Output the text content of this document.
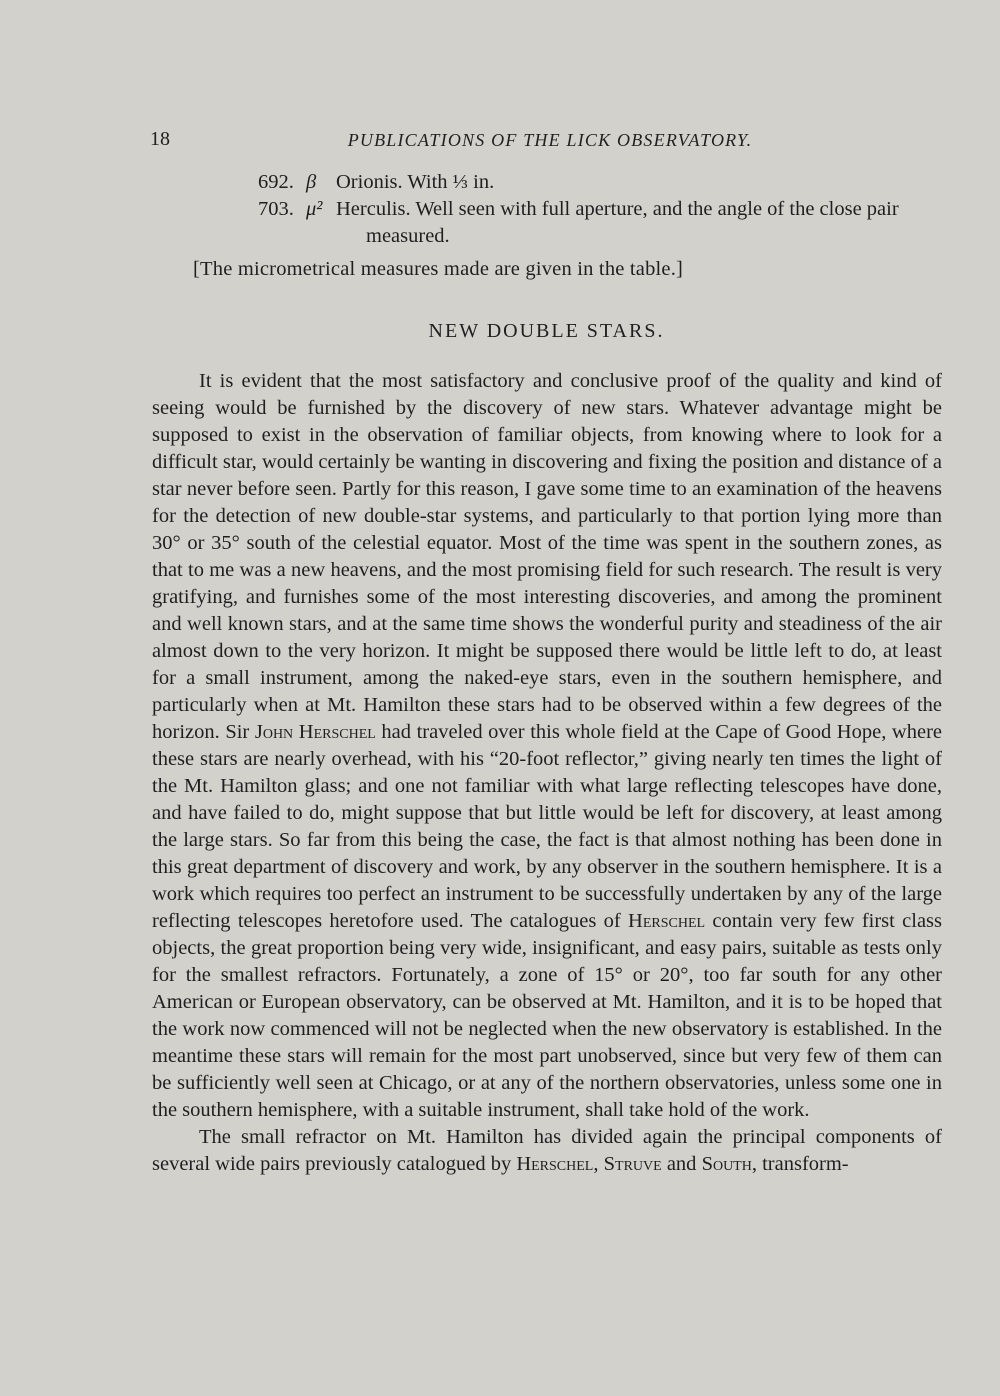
18	PUBLICATIONS OF THE LICK OBSERVATORY.
692. β Orionis. With ⅓ in.
703. μ² Herculis. Well seen with full aperture, and the angle of the close pair measured.
[The micrometrical measures made are given in the table.]
NEW DOUBLE STARS.

It is evident that the most satisfactory and conclusive proof of the quality and kind of seeing would be furnished by the discovery of new stars. Whatever advantage might be supposed to exist in the observation of familiar objects, from knowing where to look for a difficult star, would certainly be wanting in discovering and fixing the position and distance of a star never before seen. Partly for this reason, I gave some time to an examination of the heavens for the detection of new double-star systems, and particularly to that portion lying more than 30° or 35° south of the celestial equator. Most of the time was spent in the southern zones, as that to me was a new heavens, and the most promising field for such research. The result is very gratifying, and furnishes some of the most interesting discoveries, and among the prominent and well known stars, and at the same time shows the wonderful purity and steadiness of the air almost down to the very horizon. It might be supposed there would be little left to do, at least for a small instrument, among the naked-eye stars, even in the southern hemisphere, and particularly when at Mt. Hamilton these stars had to be observed within a few degrees of the horizon. Sir John Herschel had traveled over this whole field at the Cape of Good Hope, where these stars are nearly overhead, with his “20-foot reflector,” giving nearly ten times the light of the Mt. Hamilton glass; and one not familiar with what large reflecting telescopes have done, and have failed to do, might suppose that but little would be left for discovery, at least among the large stars. So far from this being the case, the fact is that almost nothing has been done in this great department of discovery and work, by any observer in the southern hemisphere. It is a work which requires too perfect an instrument to be successfully undertaken by any of the large reflecting telescopes heretofore used. The catalogues of Herschel contain very few first class objects, the great proportion being very wide, insignificant, and easy pairs, suitable as tests only for the smallest refractors. Fortunately, a zone of 15° or 20°, too far south for any other American or European observatory, can be observed at Mt. Hamilton, and it is to be hoped that the work now commenced will not be neglected when the new observatory is established. In the meantime these stars will remain for the most part unobserved, since but very few of them can be sufficiently well seen at Chicago, or at any of the northern observatories, unless some one in the southern hemisphere, with a suitable instrument, shall take hold of the work.

The small refractor on Mt. Hamilton has divided again the principal components of several wide pairs previously catalogued by Herschel, Struve and South, transform-
